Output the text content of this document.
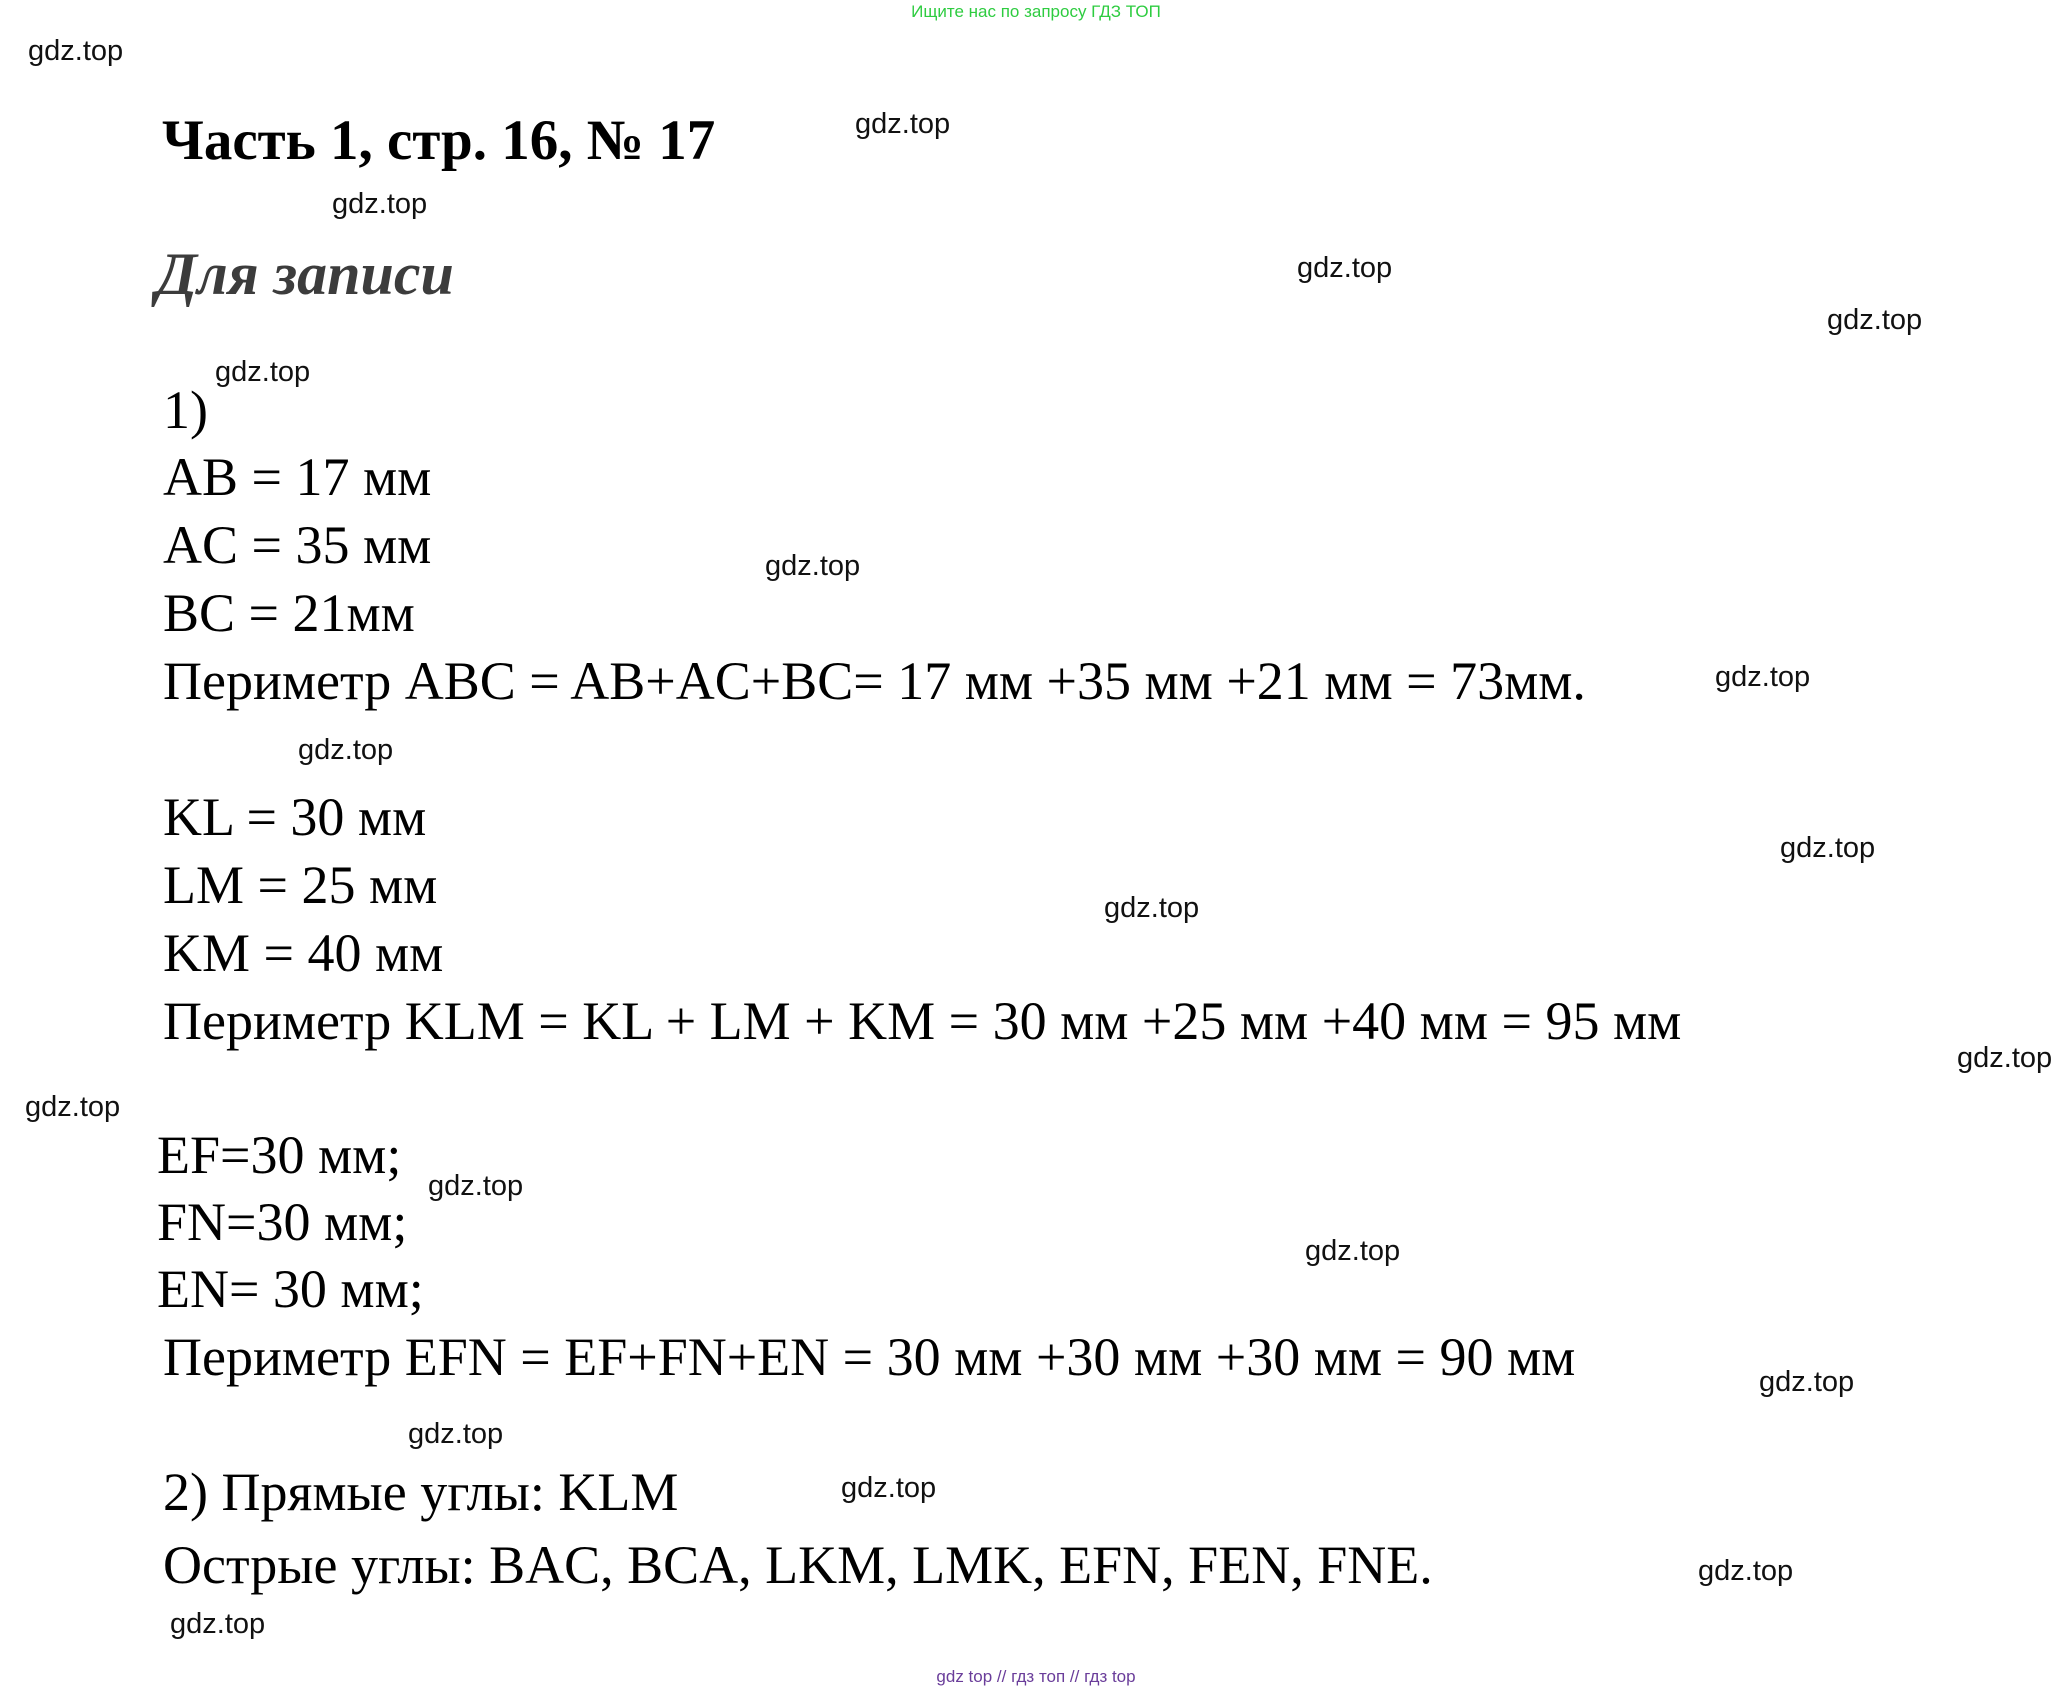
Ищите нас по запросу ГДЗ ТОП
Часть 1, стр. 16, № 17
Для записи
1)
AB = 17 мм
AC = 35 мм
BC = 21мм
Периметр ABC = AB+AC+BC= 17 мм +35 мм +21 мм = 73мм.
KL = 30 мм
LM = 25 мм
KM = 40 мм
Периметр KLM = KL + LM + KM = 30 мм +25 мм +40 мм = 95 мм
EF=30 мм;
FN=30 мм;
EN= 30 мм;
Периметр EFN = EF+FN+EN = 30 мм +30 мм +30 мм = 90 мм
2) Прямые углы: KLM
Острые углы: BAC, BCA, LKM, LMK, EFN, FEN, FNE.
gdz.top
gdz.top
gdz.top
gdz.top
gdz.top
gdz.top
gdz.top
gdz.top
gdz.top
gdz.top
gdz.top
gdz.top
gdz.top
gdz.top
gdz.top
gdz.top
gdz.top
gdz.top
gdz.top
gdz.top
gdz top // гдз топ // гдз top
